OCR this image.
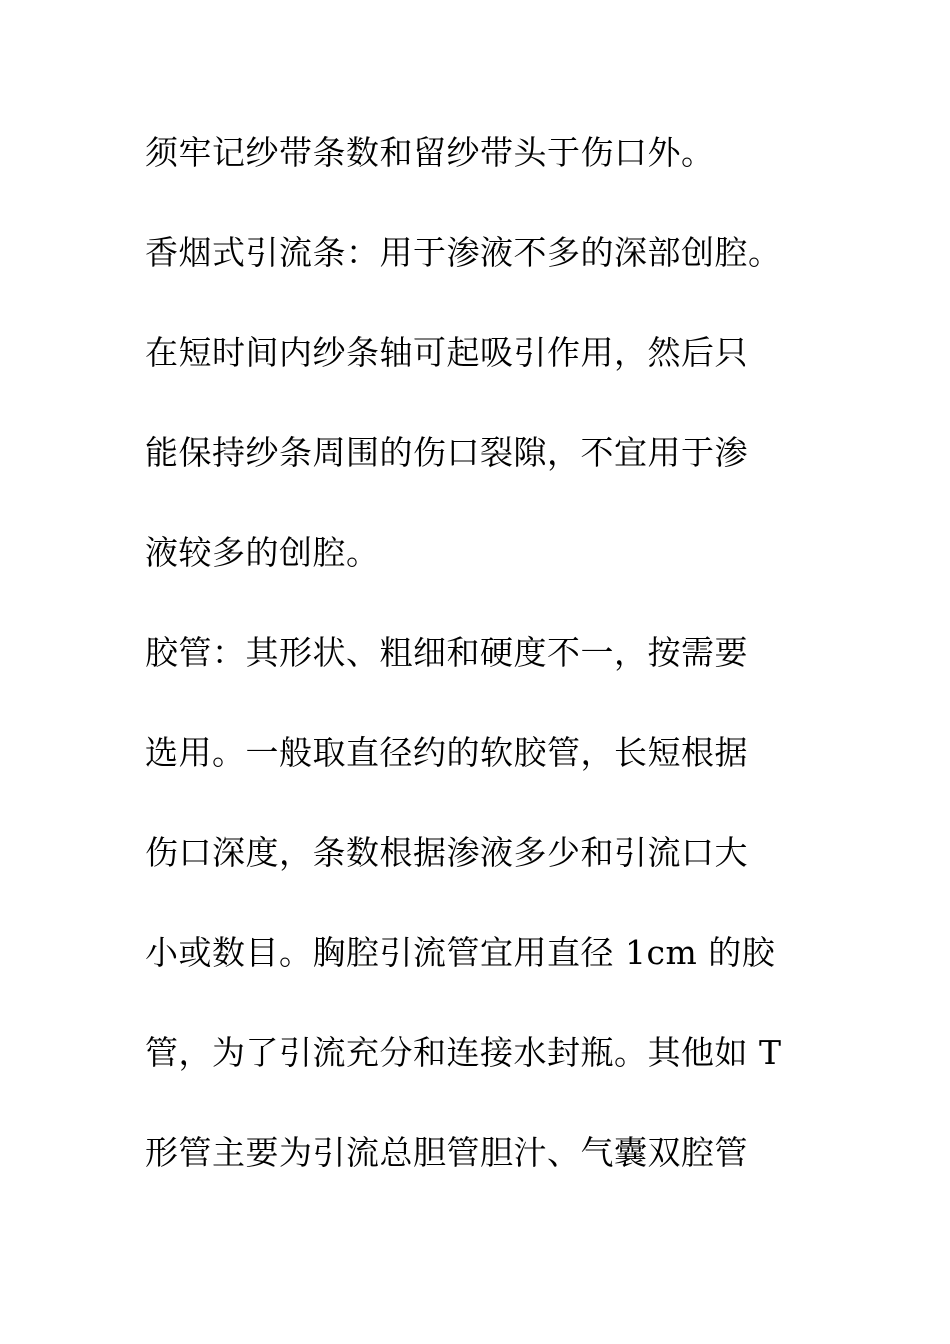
须牢记纱带条数和留纱带头于伤口外。
香烟式引流条：用于渗液不多的深部创腔。
在短时间内纱条轴可起吸引作用，然后只
能保持纱条周围的伤口裂隙，不宜用于渗
液较多的创腔。
胶管：其形状、粗细和硬度不一，按需要
选用。一般取直径约的软胶管，长短根据
伤口深度，条数根据渗液多少和引流口大
小或数目。胸腔引流管宜用直径 1cm 的胶
管，为了引流充分和连接水封瓶。其他如 T
形管主要为引流总胆管胆汁、气囊双腔管
